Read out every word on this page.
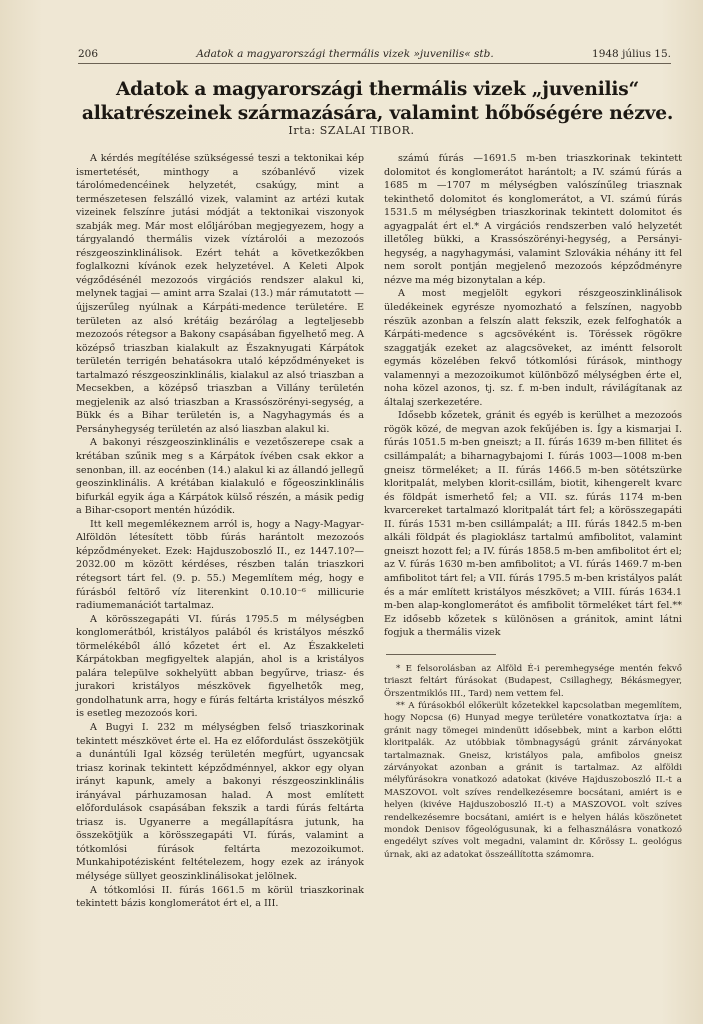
206	Adatok a magyarországi thermális vizek »juvenilis« stb.	1948 július 15.
Adatok a magyarországi thermális vizek „juvenilis“ alkatrészeinek származására, valamint hőbőségére nézve.
Irta: SZALAI TIBOR.

A kérdés megítélése szükségessé teszi a tektonikai kép ismertetését, minthogy a szóbanlévő vizek tárolómedencéinek helyzetét, csakúgy, mint a természetesen felszálló vizek, valamint az artézi kutak vizeinek felszínre jutási módját a tektonikai viszonyok szabják meg. Már most előljáróban megjegyezem, hogy a tárgyalandó thermális vizek víztárolói a mezozoós részgeoszinklinálisok. Ezért tehát a következőkben foglalkozni kívánok ezek helyzetével. A Keleti Alpok végződésénél mezozoós virgációs rendszer alakul ki, melynek tagjai — amint arra Szalai (13.) már rámutatott — újjszerűleg nyúlnak a Kárpáti-medence területére. E területen az alsó krétáig bezárólag a legteljesebb mezozoós rétegsor a Bakony csapásában figyelhető meg. A középső triaszban kialakult az Északnyugati Kárpátok területén terrigén behatásokra utaló képződményeket is tartalmazó részgeoszinklinális, kialakul az alsó triaszban a Mecsekben, a középső triaszban a Villány területén megjelenik az alsó triaszban a Krassószörényi-segység, a Bükk és a Bihar területén is, a Nagyhagymás és a Persányhegység területén az alsó liaszban alakul ki.

A bakonyi részgeoszinklinális e vezetőszerepe csak a krétában szűnik meg s a Kárpátok ívében csak ekkor a senonban, ill. az eocénben (14.) alakul ki az állandó jellegű geoszinklinális. A krétában kialakuló e főgeoszinklinális bifurkál egyik ága a Kárpátok külső részén, a másik pedig a Bihar-csoport mentén húzódik.

Itt kell megemlékeznem arról is, hogy a Nagy-Magyar-Alföldön létesített több fúrás harántolt mezozoós képződményeket. Ezek: Hajduszoboszló II., ez 1447.10?—2032.00 m között kérdéses, részben talán triaszkori rétegsort tárt fel. (9. p. 55.) Megemlítem még, hogy e fúrásból feltörő víz literenkint 0.10.10⁻⁶ millicurie radiumemanációt tartalmaz.

A körösszegapáti VI. fúrás 1795.5 m mélységben konglomerátból, kristályos palából és kristályos mészkő törmelékéből álló kőzetet ért el. Az Északkeleti Kárpátokban megfigyeltek alapján, ahol is a kristályos palára települve sokhelyütt abban begyűrve, triasz- és jurakori kristályos mészkövek figyelhetők meg, gondolhatunk arra, hogy e fúrás feltárta kristályos mészkő is esetleg mezozoós kori.

A Bugyi I. 232 m mélységben felső triaszkorinak tekintett mészkövet érte el. Ha ez előfordulást összekötjük a dunántúli Igal község területén megfúrt, ugyancsak triasz korinak tekintett képződménnyel, akkor egy olyan irányt kapunk, amely a bakonyi részgeoszinklinális irányával párhuzamosan halad. A most említett előfordulások csapásában fekszik a tardi fúrás feltárta triasz is. Ugyanerre a megállapításra jutunk, ha összekötjük a körösszegapáti VI. fúrás, valamint a tótkomlósi fúrások feltárta mezozoikumot. Munkahipotézisként feltételezem, hogy ezek az irányok mélysége süllyet geoszinklinálisokat jelölnek.

A tótkomlósi II. fúrás 1661.5 m körül triaszkorinak tekintett bázis konglomerátot ért el, a III.

számú fúrás —1691.5 m-ben triaszkorinak tekintett dolomitot és konglomerátot harántolt; a IV. számú fúrás a 1685 m —1707 m mélységben valószínűleg triasznak tekinthető dolomitot és konglomerátot, a VI. számú fúrás 1531.5 m mélységben triaszkorinak tekintett dolomitot és agyagpalát ért el.* A virgációs rendszerben való helyzetét illetőleg bükki, a Krassószörényi-hegység, a Persányi-hegység, a nagyhagymási, valamint Szlovákia néhány itt fel nem sorolt pontján megjelenő mezozoós képződményre nézve ma még bizonytalan a kép.

A most megjelölt egykori részgeoszinklinálisok üledékeinek egyrésze nyomozható a felszínen, nagyobb részük azonban a felszín alatt fekszik, ezek felfoghatók a Kárpáti-medence s agcsövéként is. Töréssek rögökre szaggatják ezeket az alagcsöveket, az iméntt felsorolt egymás közelében fekvő tótkomlósi fúrások, minthogy valamennyi a mezozoikumot különböző mélységben érte el, noha közel azonos, tj. sz. f. m-ben indult, rávilágítanak az általaj szerkezetére.

Idősebb kőzetek, gránit és egyéb is kerülhet a mezozoós rögök közé, de megvan azok fekűjében is. Így a kismarjai I. fúrás 1051.5 m-ben gneiszt; a II. fúrás 1639 m-ben fillitet és csillámpalát; a biharnagybajomi I. fúrás 1003—1008 m-ben gneisz törmeléket; a II. fúrás 1466.5 m-ben sötétszürke kloritpalát, melyben klorit-csillám, biotit, kihengerelt kvarc és földpát ismerhető fel; a VII. sz. fúrás 1174 m-ben kvarcereket tartalmazó kloritpalát tárt fel; a körösszegapáti II. fúrás 1531 m-ben csillámpalát; a III. fúrás 1842.5 m-ben alkáli földpát és plagioklász tartalmú amfibolitot, valamint gneiszt hozott fel; a IV. fúrás 1858.5 m-ben amfibolitot ért el; az V. fúrás 1630 m-ben amfibolitot; a VI. fúrás 1469.7 m-ben amfibolitot tárt fel; a VII. fúrás 1795.5 m-ben kristályos palát és a már említett kristályos mészkövet; a VIII. fúrás 1634.1 m-ben alap-konglomerátot és amfibolit törmeléket tárt fel.** Ez idősebb kőzetek s különösen a gránitok, amint látni fogjuk a thermális vizek

* E felsorolásban az Alföld É-i peremhegysége mentén fekvő triaszt feltárt fúrásokat (Budapest, Csillaghegy, Békásmegyer, Örszentmiklós III., Tard) nem vettem fel.

** A fúrásokból előkerült kőzetekkel kapcsolatban megemlítem, hogy Nopcsa (6) Hunyad megye területére vonatkoztatva írja: a gránit nagy tömegei mindenütt idősebbek, mint a karbon előtti kloritpalák. Az utóbbiak tömbnagyságú gránit zárványokat tartalmaznak. Gneisz, kristályos pala, amfibolos gneisz zárványokat azonban a gránit is tartalmaz. Az alföldi mélyfúrásokra vonatkozó adatokat (kivéve Hajduszoboszló II.-t a MASZOVOL volt szíves rendelkezésemre bocsátani, amiért is e helyen (kivéve Hajduszoboszló II.-t) a MASZOVOL volt szíves rendelkezésemre bocsátani, amiért is e helyen hálás köszönetet mondok Denisov főgeológusunak, ki a felhasználásra vonatkozó engedélyt szíves volt megadni, valamint dr. Kőrössy L. geológus úrnak, aki az adatokat összeállította számomra.
